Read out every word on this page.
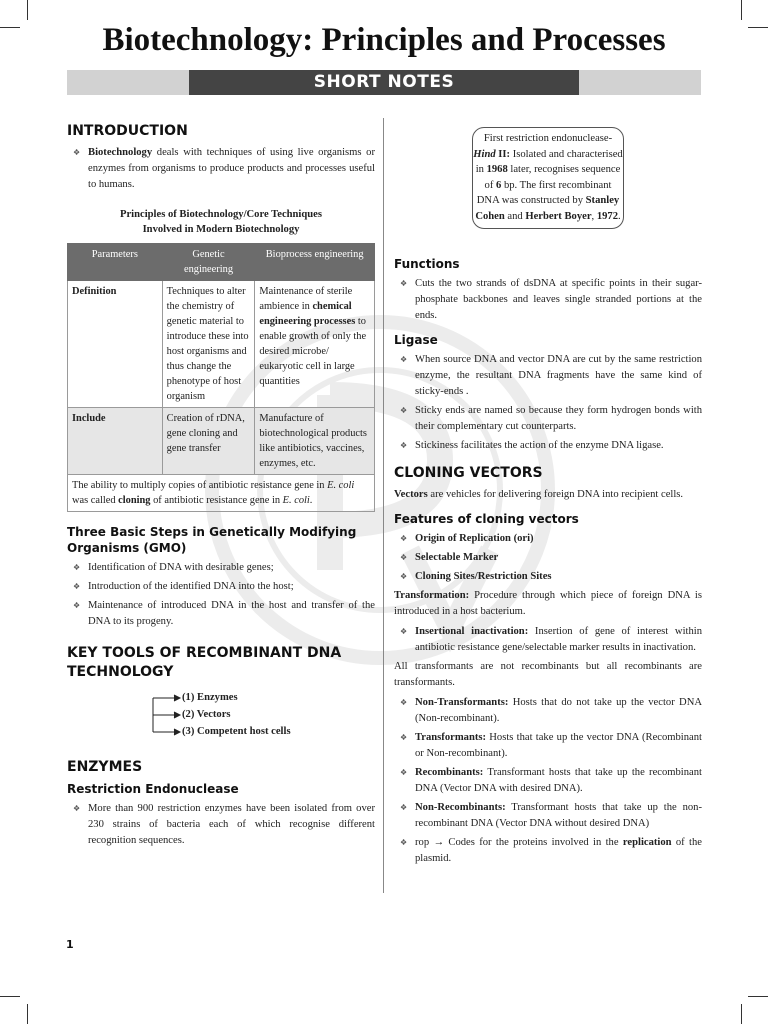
Biotechnology: Principles and Processes
SHORT NOTES
INTRODUCTION
❖ Biotechnology deals with techniques of using live organisms or enzymes from organisms to produce products and processes useful to humans.
Principles of Biotechnology/Core Techniques
Involved in Modern Biotechnology
Parameters	Genetic engineering	Bioprocess engineering
Definition	Techniques to alter the chemistry of genetic material to introduce these into host organisms and thus change the phenotype of host organism	Maintenance of sterile ambience in chemical engineering processes to enable growth of only the desired microbe/ eukaryotic cell in large quantities
Include	Creation of rDNA, gene cloning and gene transfer	Manufacture of biotechnological products like antibiotics, vaccines, enzymes, etc.
The ability to multiply copies of antibiotic resistance gene in E. coli was called cloning of antibiotic resistance gene in E. coli.		
Three Basic Steps in Genetically Modifying Organisms (GMO)
❖ Identification of DNA with desirable genes;
❖ Introduction of the identified DNA into the host;
❖ Maintenance of introduced DNA in the host and transfer of the DNA to its progeny.
KEY TOOLS OF RECOMBINANT DNA TECHNOLOGY
(1) Enzymes
(2) Vectors
(3) Competent host cells
ENZYMES
Restriction Endonuclease
❖ More than 900 restriction enzymes have been isolated from over 230 strains of bacteria each of which recognise different recognition sequences.
First restriction endonuclease-
Hind II: Isolated and characterised in 1968 later, recognises sequence of 6 bp. The first recombinant DNA was constructed by Stanley Cohen and Herbert Boyer, 1972.
Functions
❖ Cuts the two strands of dsDNA at specific points in their sugar-phosphate backbones and leaves single stranded portions at the ends.
Ligase
❖ When source DNA and vector DNA are cut by the same restriction enzyme, the resultant DNA fragments have the same kind of sticky-ends .
❖ Sticky ends are named so because they form hydrogen bonds with their complementary cut counterparts.
❖ Stickiness facilitates the action of the enzyme DNA ligase.
CLONING VECTORS

Vectors are vehicles for delivering foreign DNA into recipient cells.

Features of cloning vectors
❖ Origin of Replication (ori)
❖ Selectable Marker
❖ Cloning Sites/Restriction Sites

Transformation: Procedure through which piece of foreign DNA is introduced in a host bacterium.

❖ Insertional inactivation: Insertion of gene of interest within antibiotic resistance gene/selectable marker results in inactivation.

All transformants are not recombinants but all recombinants are transformants.

❖ Non-Transformants: Hosts that do not take up the vector DNA (Non-recombinant).
❖ Transformants: Hosts that take up the vector DNA (Recombinant or Non-recombinant).
❖ Recombinants: Transformant hosts that take up the recombinant DNA (Vector DNA with desired DNA).
❖ Non-Recombinants: Transformant hosts that take up the non-recombinant DNA (Vector DNA without desired DNA)
❖ rop → Codes for the proteins involved in the replication of the plasmid.
1
